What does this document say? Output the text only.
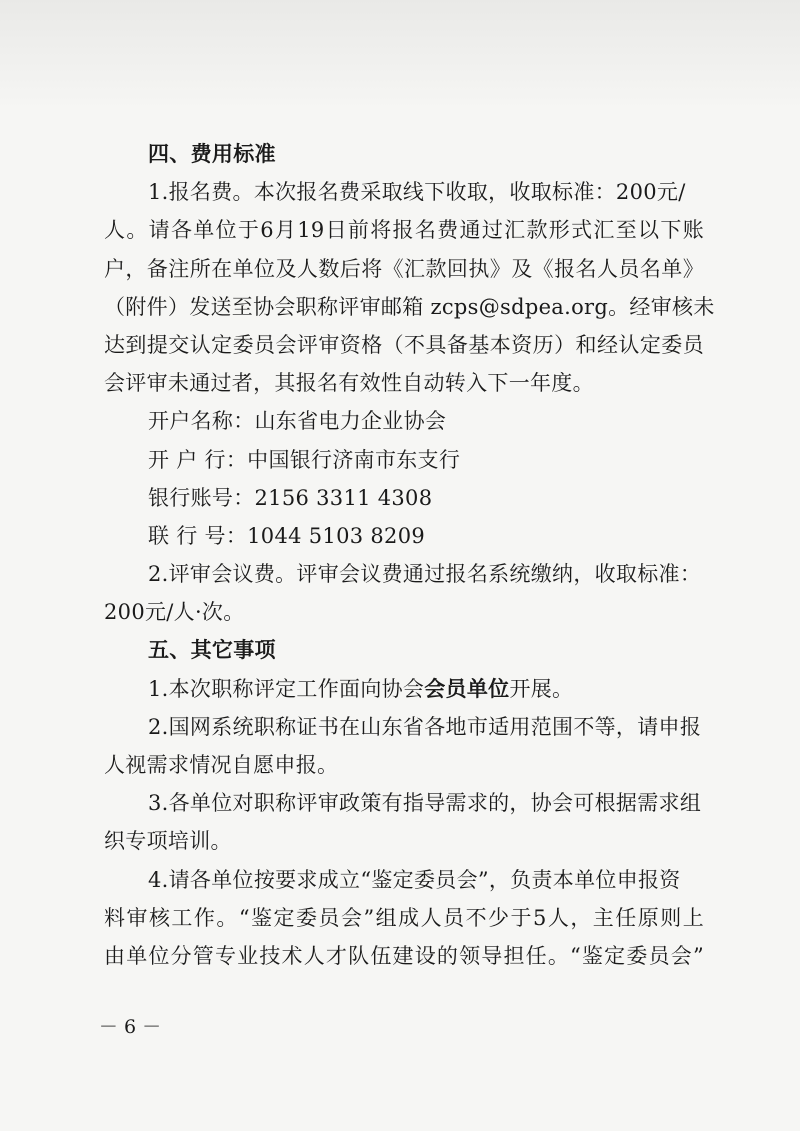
四、费用标准
1.报名费。本次报名费采取线下收取，收取标准：200元/
人。请各单位于6月19日前将报名费通过汇款形式汇至以下账
户，备注所在单位及人数后将《汇款回执》及《报名人员名单》
（附件）发送至协会职称评审邮箱 zcps@sdpea.org。经审核未
达到提交认定委员会评审资格（不具备基本资历）和经认定委员
会评审未通过者，其报名有效性自动转入下一年度。
开户名称：山东省电力企业协会
开 户 行：中国银行济南市东支行
银行账号：2156 3311 4308
联 行 号：1044 5103 8209
2.评审会议费。评审会议费通过报名系统缴纳，收取标准：
200元/人·次。
五、其它事项
1.本次职称评定工作面向协会会员单位开展。
2.国网系统职称证书在山东省各地市适用范围不等，请申报
人视需求情况自愿申报。
3.各单位对职称评审政策有指导需求的，协会可根据需求组
织专项培训。
4.请各单位按要求成立“鉴定委员会”，负责本单位申报资
料审核工作。“鉴定委员会”组成人员不少于5人，主任原则上
由单位分管专业技术人才队伍建设的领导担任。“鉴定委员会”
－ 6 －
